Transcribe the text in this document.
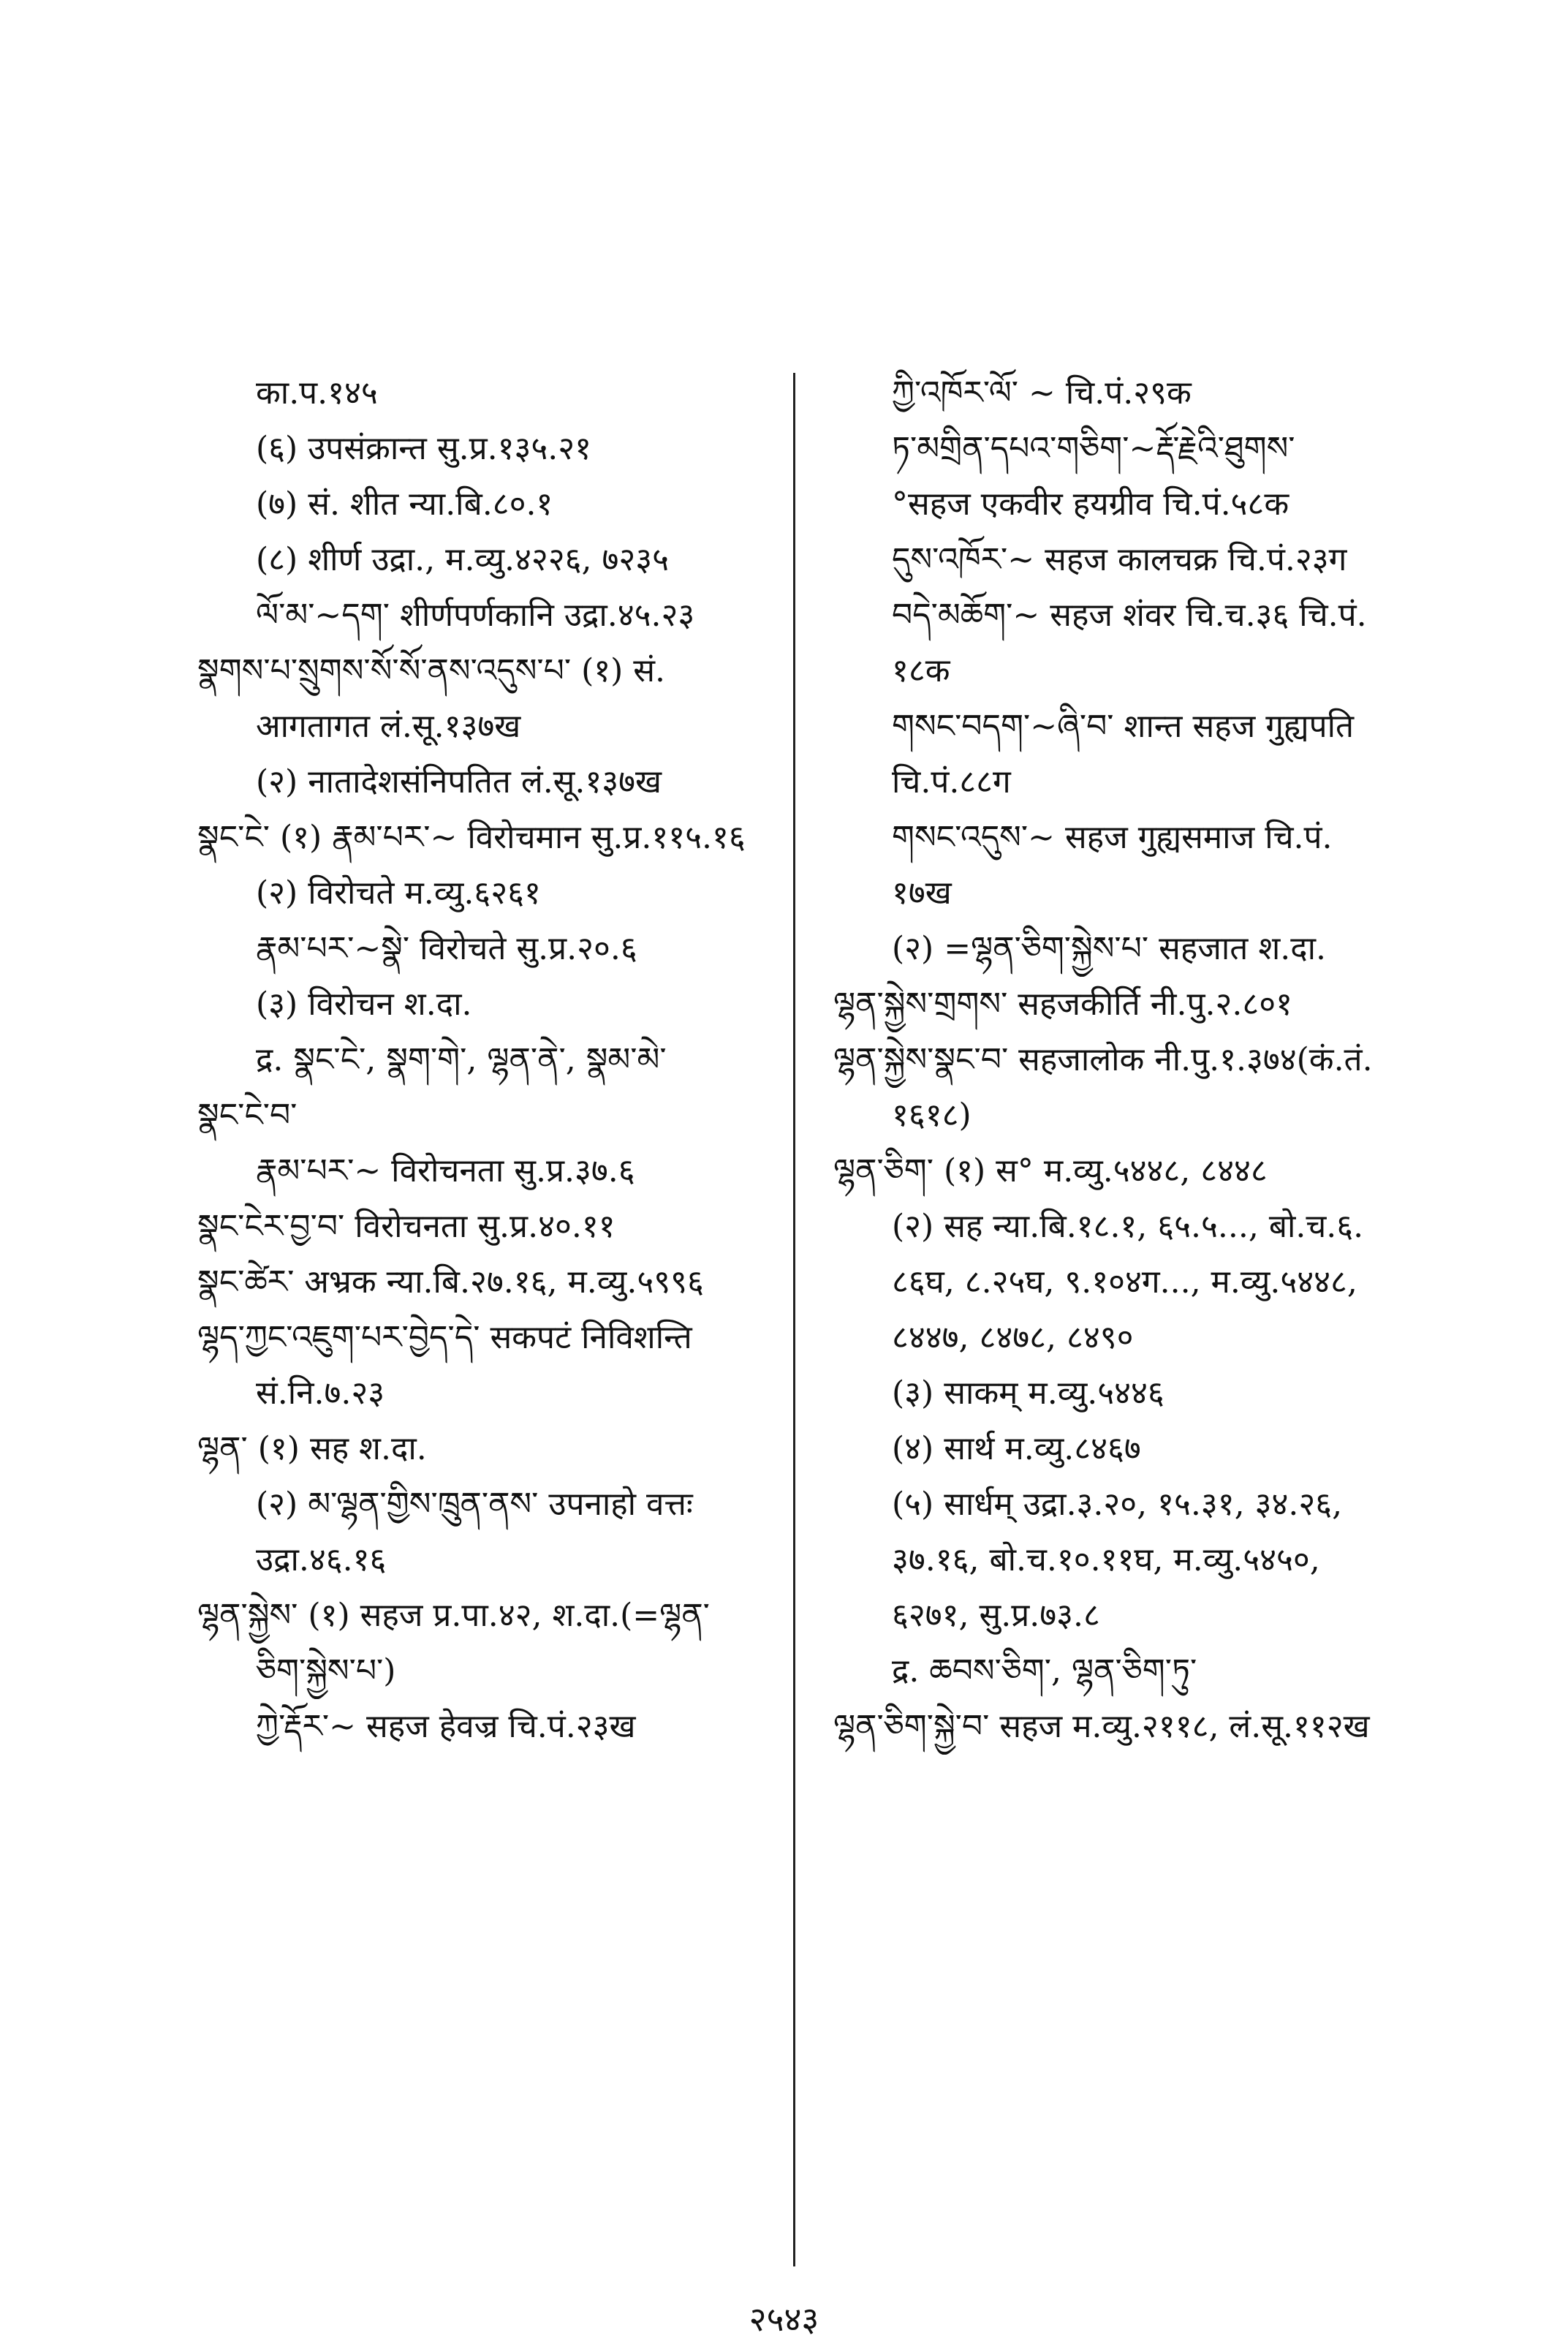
का.प.१४५
(६) उपसंक्रान्त सु.प्र.१३५.२१
(७) सं. शीत न्या.बि.८०.१
(८) शीर्ण उद्रा., म.व्यु.४२२६, ७२३५
ལོ་མ་~དག་ शीर्णपर्णकानि उद्रा.४५.२३
སྣགས་པ་སྲུགས་སོ་སོ་ནས་འདུས་པ་ (१) सं.
आगतागत लं.सू.१३७ख
(२) नातादेशसंनिपतित लं.सू.१३७ख
སྣང་ངེ་ (१) རྣམ་པར་~ विरोचमान सु.प्र.११५.१६
(२) विरोचते म.व्यु.६२६१
རྣམ་པར་~སྣེ་ विरोचते सु.प्र.२०.६
(३) विरोचन श.दा.
द्र. སྣང་ངེ་, སྣག་གེ་, ལྷན་ནེ་, སྣམ་མེ་
སྣང་ངེ་བ་
རྣམ་པར་~ विरोचनता सु.प्र.३७.६
སྣང་ངེར་བྱ་བ་ विरोचनता सु.प्र.४०.११
སྣང་ཚེར་ अभ्रक न्या.बि.२७.१६, म.व्यु.५९९६
ལྷད་ཀྱང་འཇུག་པར་བྱེད་དེ་ सकपटं निविशन्ति
सं.नि.७.२३
ལྷན་ (१) सह श.दा.
(२) མ་ལྷན་གྱིས་ཁྲུན་ནས་ उपनाहो वत्तः
उद्रा.४६.१६
ལྷན་སྐྱེས་ (१) सहज प्र.पा.४२, श.दा.(=ལྷན་
ཅིག་སྐྱེས་པ་)
ཀྱེ་རྡོར་~ सहज हेवज्र चि.पं.२३ख
ཀྱི་འཁོར་ལོ་ ~ चि.पं.२९क
ཏ་མགྲིན་དཔའ་གཅིག་~རྡོ་རྗེའི་ཐུགས་
°सहज एकवीर हयग्रीव चि.पं.५८क
དུས་འཁོར་~ सहज कालचक्र चि.पं.२३ग
བདེ་མཆོག་~ सहज शंवर चि.च.३६ चि.पं.
१८क
གསང་བདག་~ཞི་བ་ शान्त सहज गुह्यपति
चि.पं.८८ग
གསང་འདུས་~ सहज गुह्यसमाज चि.पं.
१७ख
(२) =ལྷན་ཅིག་སྐྱེས་པ་ सहजात श.दा.
ལྷན་སྐྱེས་གྲགས་ सहजकीर्ति नी.पु.२.८०१
ལྷན་སྐྱེས་སྣང་བ་ सहजालोक नी.पु.१.३७४(कं.तं.
१६१८)
ལྷན་ཅིག་ (१) स° म.व्यु.५४४८, ८४४८
(२) सह न्या.बि.१८.१, ६५.५..., बो.च.६.
८६घ, ८.२५घ, ९.१०४ग..., म.व्यु.५४४८,
८४४७, ८४७८, ८४९०
(३) साकम् म.व्यु.५४४६
(४) सार्थ म.व्यु.८४६७
(५) सार्धम् उद्रा.३.२०, १५.३१, ३४.२६,
३७.१६, बो.च.१०.११घ, म.व्यु.५४५०,
६२७१, सु.प्र.७३.८
द्र. ཆབས་ཅིག་, ལྷན་ཅིག་ཏུ་
ལྷན་ཅིག་སྐྱེ་བ་ सहज म.व्यु.२११८, लं.सू.११२ख
२५४३
